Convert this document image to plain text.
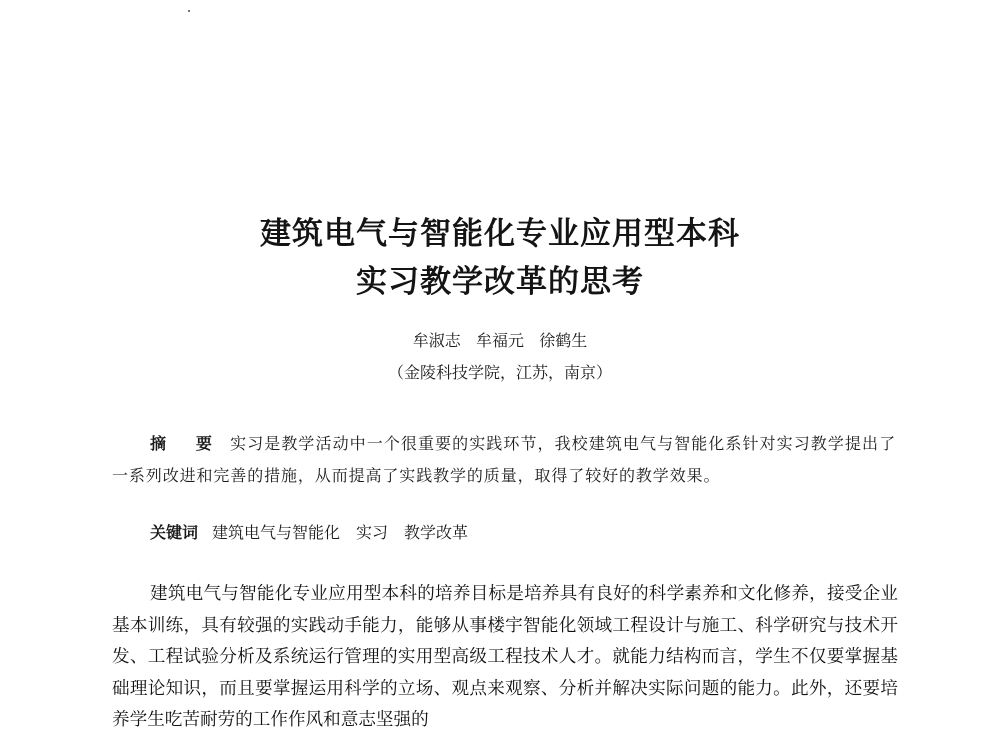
建筑电气与智能化专业应用型本科
实习教学改革的思考
牟淑志 牟福元 徐鹤生
（金陵科技学院，江苏，南京）
摘 要 实习是教学活动中一个很重要的实践环节，我校建筑电气与智能化系针对实习教学提出了一系列改进和完善的措施，从而提高了实践教学的质量，取得了较好的教学效果。
关键词 建筑电气与智能化 实习 教学改革
建筑电气与智能化专业应用型本科的培养目标是培养具有良好的科学素养和文化修养，接受企业基本训练，具有较强的实践动手能力，能够从事楼宇智能化领域工程设计与施工、科学研究与技术开发、工程试验分析及系统运行管理的实用型高级工程技术人才。就能力结构而言，学生不仅要掌握基础理论知识，而且要掌握运用科学的立场、观点来观察、分析并解决实际问题的能力。此外，还要培养学生吃苦耐劳的工作作风和意志坚强的
